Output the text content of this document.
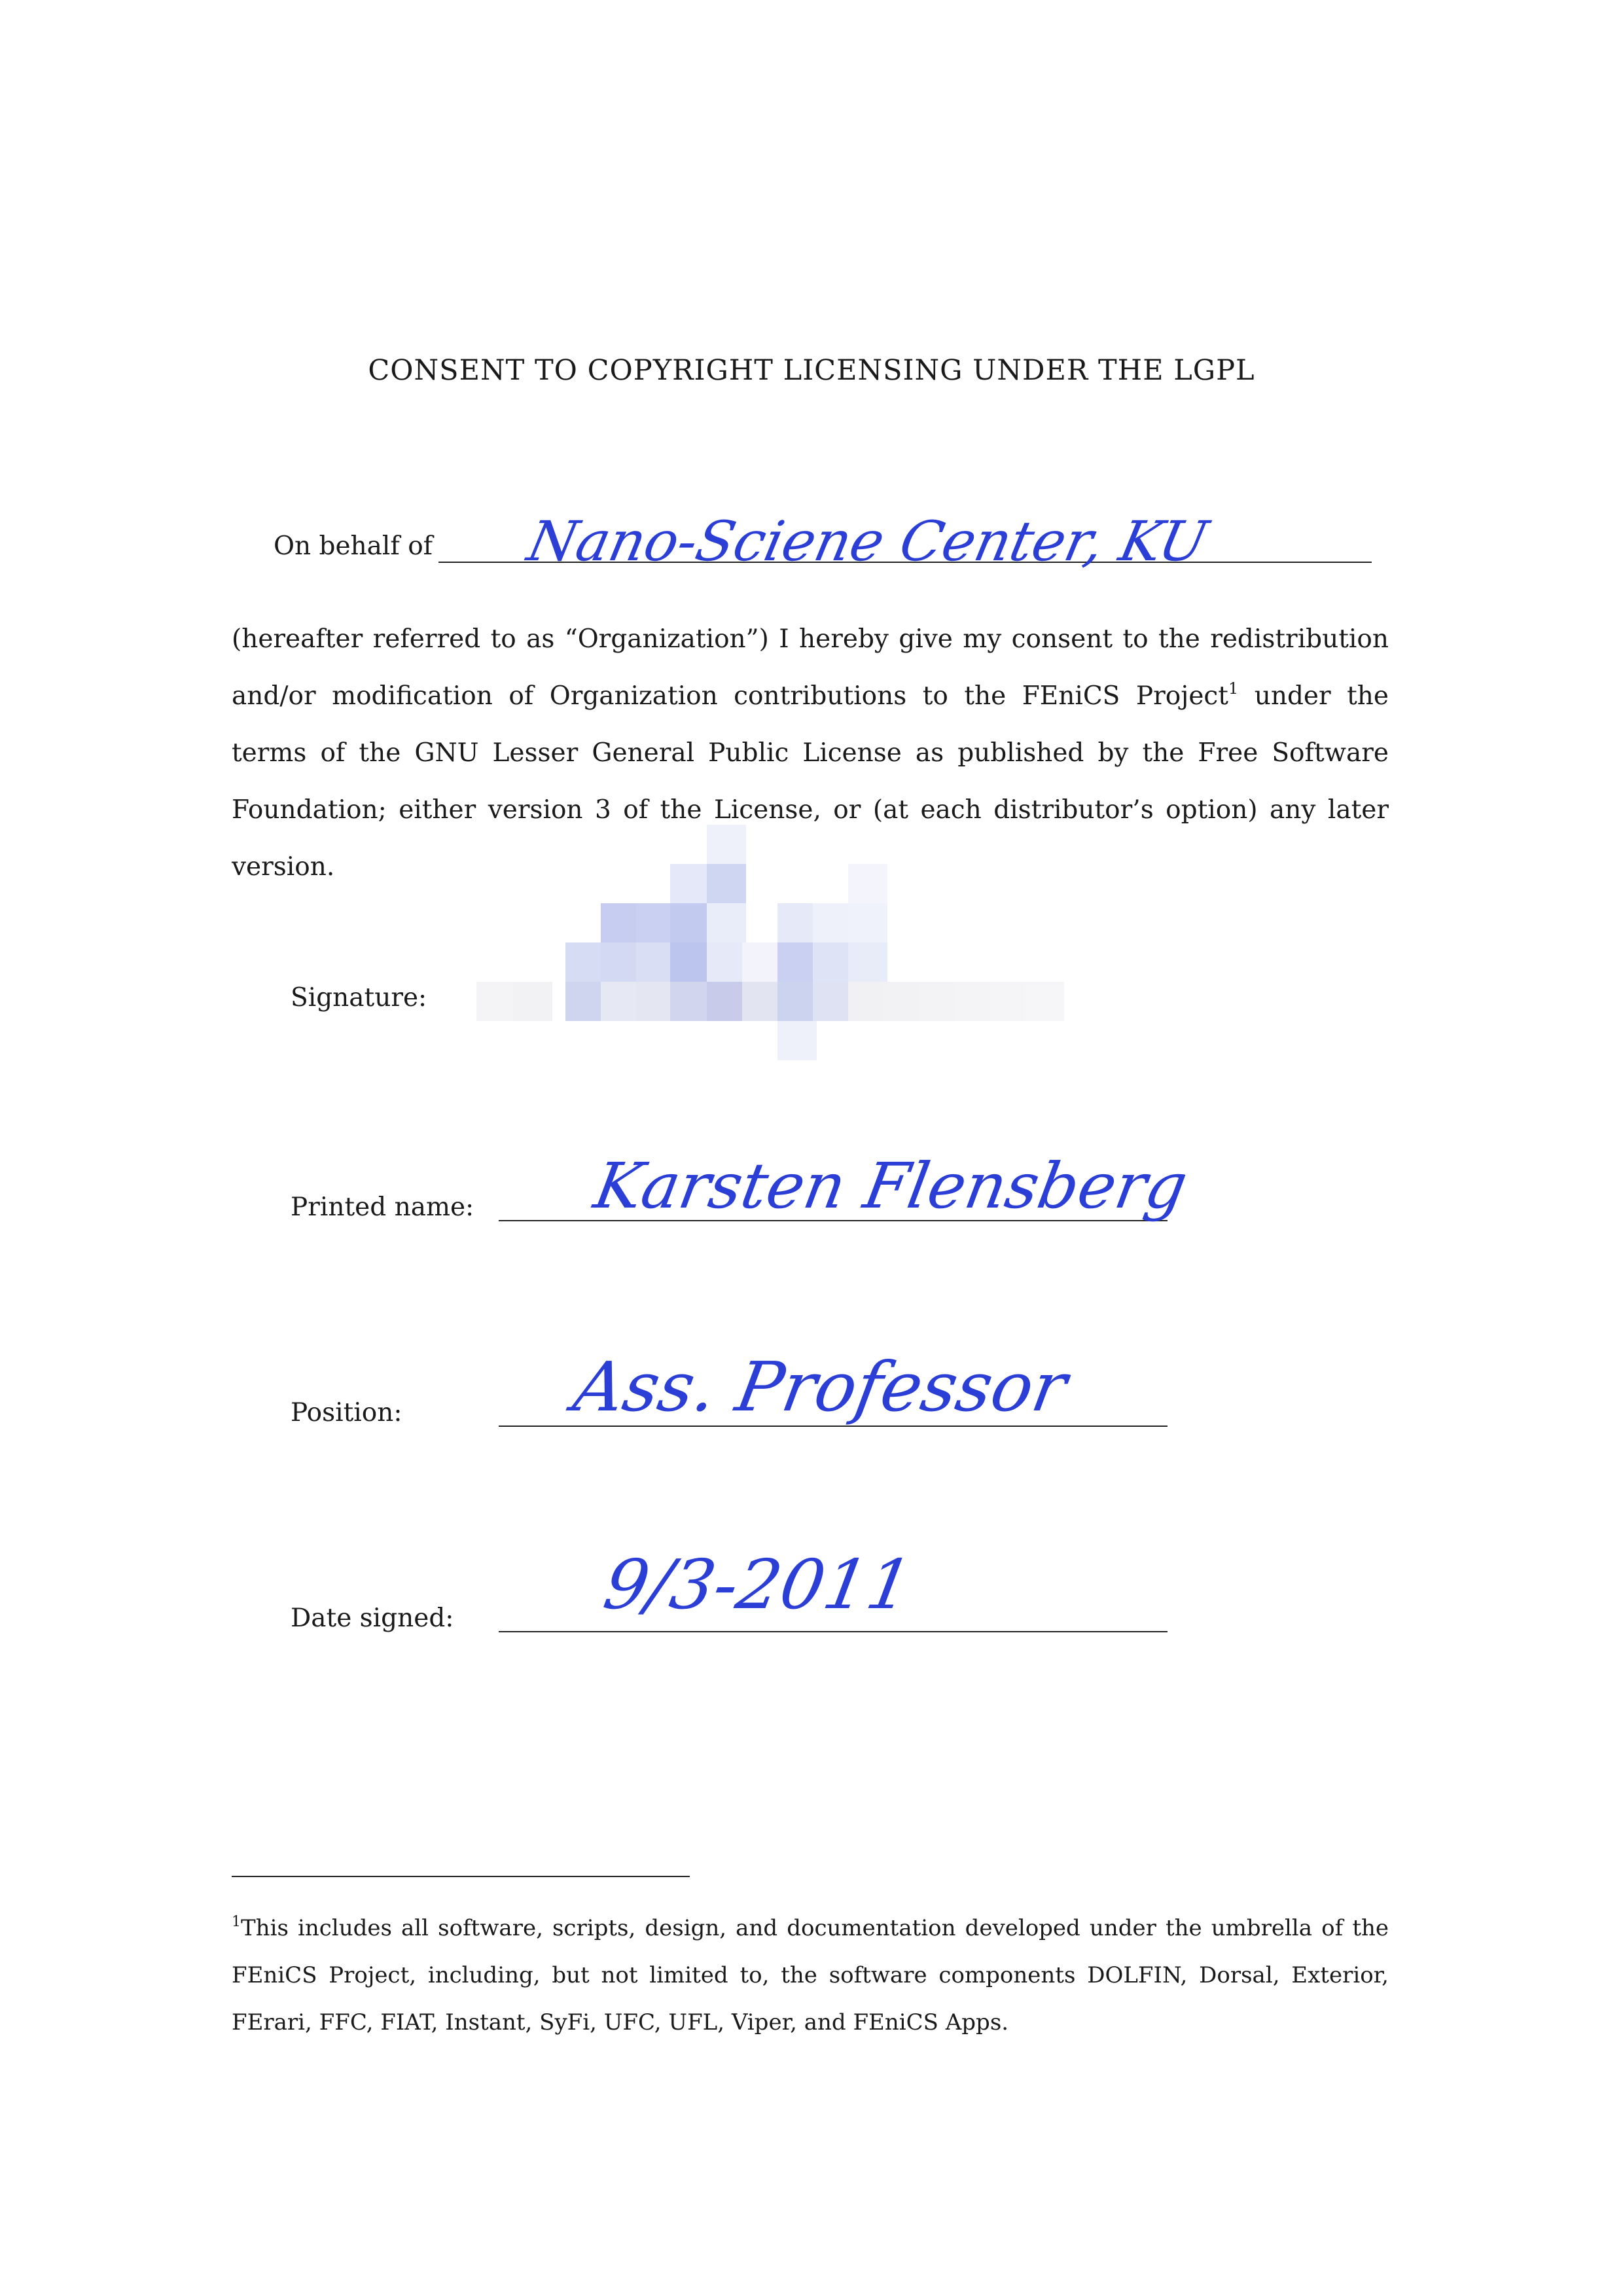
CONSENT TO COPYRIGHT LICENSING UNDER THE LGPL
On behalf of Nano-Sciene Center, KU

(hereafter referred to as “Organization”) I hereby give my consent to the redistribution and/or modification of Organization contributions to the FEniCS Project$^1$ under the terms of the GNU Lesser General Public License as published by the Free Software Foundation; either version 3 of the License, or (at each distributor’s option) any later version.

Signature:
Printed name: Karsten Flensberg
Position: Ass. Professor
Date signed: 9/3-2011

$^1$This includes all software, scripts, design, and documentation developed under the umbrella of the FEniCS Project, including, but not limited to, the software components DOLFIN, Dorsal, Exterior, FErari, FFC, FIAT, Instant, SyFi, UFC, UFL, Viper, and FEniCS Apps.
